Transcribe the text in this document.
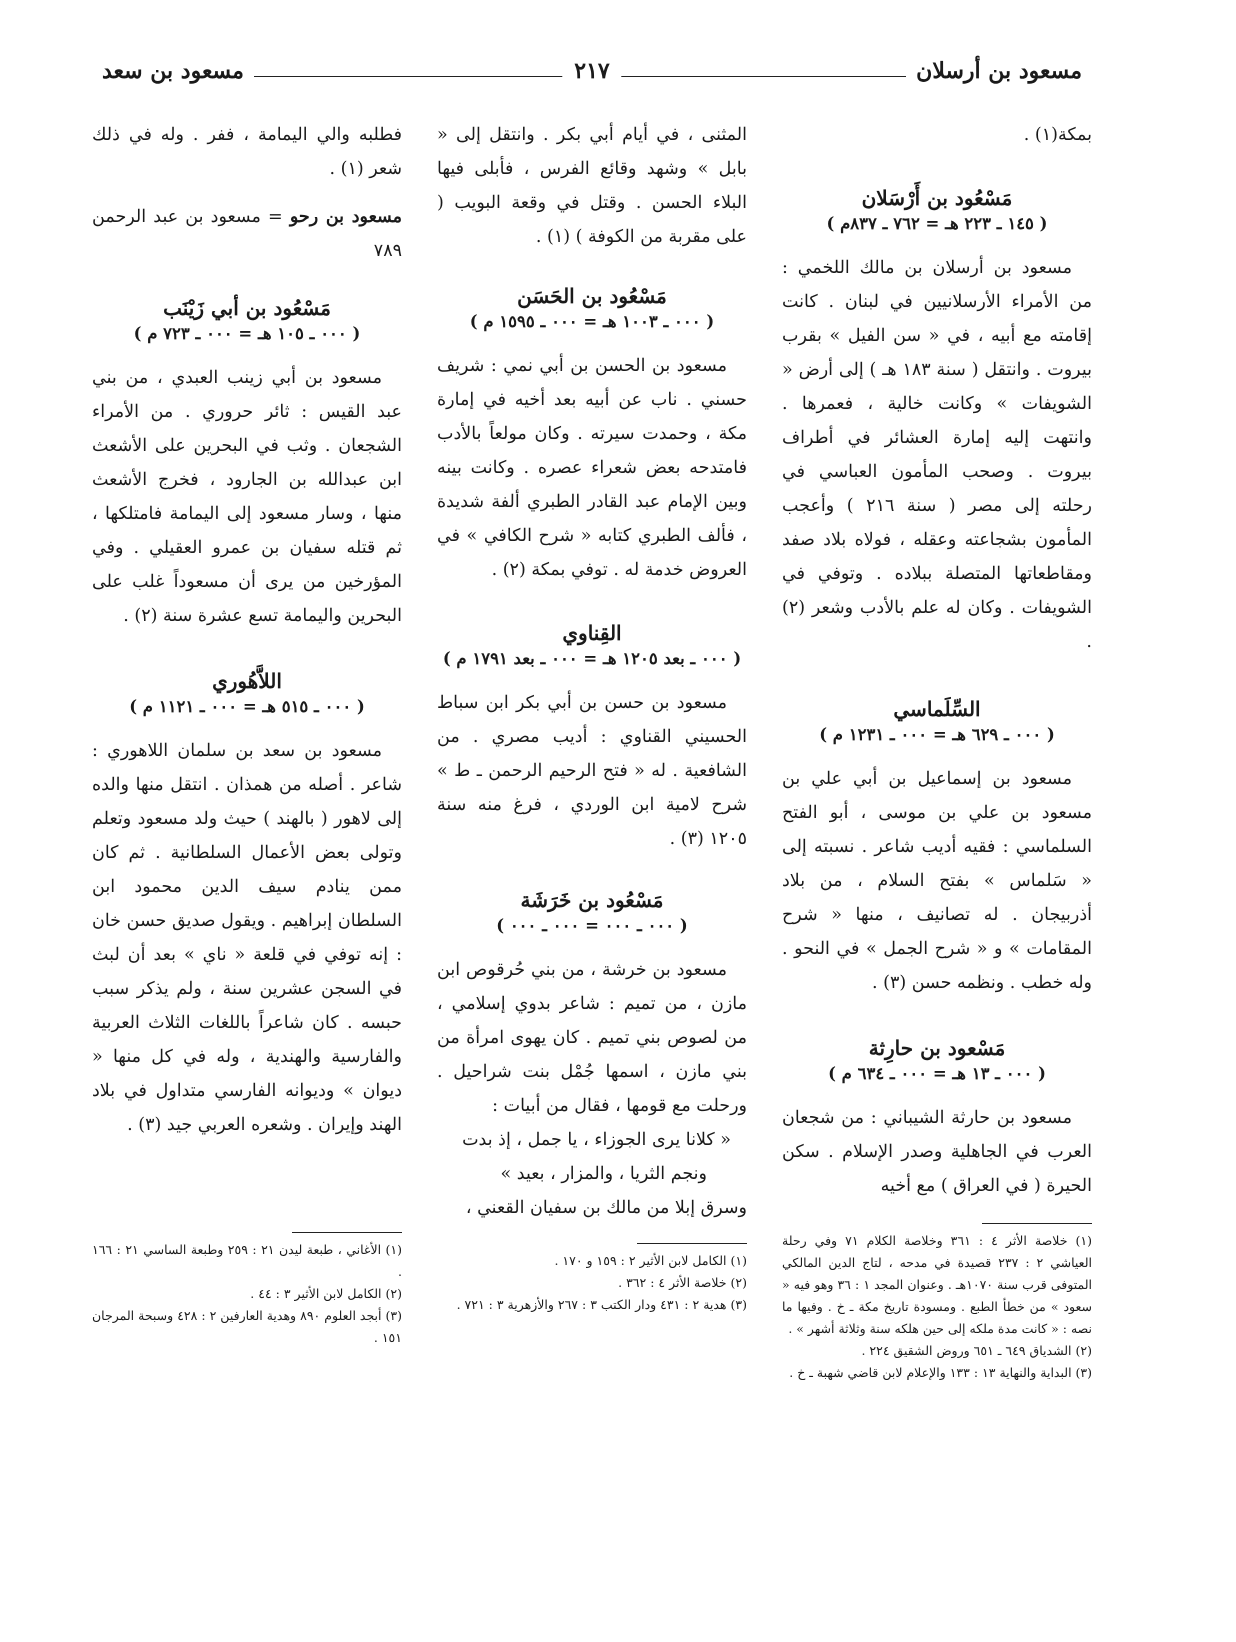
مسعود بن أرسلان
٢١٧
مسعود بن سعد

بمكة(١) .

مَسْعُود بن أَرْسَلان
( ١٤٥ ـ ٢٢٣ هـ = ٧٦٢ ـ ٨٣٧م )

مسعود بن أرسلان بن مالك اللخمي : من الأمراء الأرسلانيين في لبنان . كانت إقامته مع أبيه ، في « سن الفيل » بقرب بيروت . وانتقل ( سنة ١٨٣ هـ ) إلى أرض « الشويفات » وكانت خالية ، فعمرها . وانتهت إليه إمارة العشائر في أطراف بيروت . وصحب المأمون العباسي في رحلته إلى مصر ( سنة ٢١٦ ) وأعجب المأمون بشجاعته وعقله ، فولاه بلاد صفد ومقاطعاتها المتصلة ببلاده . وتوفي في الشويفات . وكان له علم بالأدب وشعر (٢) .

السِّلَماسي
( ٠٠٠ ـ ٦٢٩ هـ = ٠٠٠ ـ ١٢٣١ م )

مسعود بن إسماعيل بن أبي علي بن مسعود بن علي بن موسى ، أبو الفتح السلماسي : فقيه أديب شاعر . نسبته إلى « سَلماس » بفتح السلام ، من بلاد أذربيجان . له تصانيف ، منها « شرح المقامات » و « شرح الجمل » في النحو . وله خطب . ونظمه حسن (٣) .

مَسْعود بن حارِثة
( ٠٠٠ ـ ١٣ هـ = ٠٠٠ ـ ٦٣٤ م )

مسعود بن حارثة الشيباني : من شجعان العرب في الجاهلية وصدر الإسلام . سكن الحيرة ( في العراق ) مع أخيه

(١) خلاصة الأثر ٤ : ٣٦١ وخلاصة الكلام ٧١ وفي رحلة العياشي ٢ : ٢٣٧ قصيدة في مدحه ، لتاج الدين المالكي المتوفى قرب سنة ١٠٧٠هـ . وعنوان المجد ١ : ٣٦ وهو فيه « سعود » من خطأ الطبع . ومسودة تاريخ مكة ـ خ . وفيها ما نصه : « كانت مدة ملكه إلى حين هلكه سنة وثلاثة أشهر » .

(٢) الشدياق ٦٤٩ ـ ٦٥١ وروض الشقيق ٢٢٤ .

(٣) البداية والنهاية ١٣ : ١٣٣ والإعلام لابن قاضي شهبة ـ خ .

المثنى ، في أيام أبي بكر . وانتقل إلى « بابل » وشهد وقائع الفرس ، فأبلى فيها البلاء الحسن . وقتل في وقعة البويب ( على مقربة من الكوفة ) (١) .

مَسْعُود بن الحَسَن
( ٠٠٠ ـ ١٠٠٣ هـ = ٠٠٠ ـ ١٥٩٥ م )

مسعود بن الحسن بن أبي نمي : شريف حسني . ناب عن أبيه بعد أخيه في إمارة مكة ، وحمدت سيرته . وكان مولعاً بالأدب فامتدحه بعض شعراء عصره . وكانت بينه وبين الإمام عبد القادر الطبري ألفة شديدة ، فألف الطبري كتابه « شرح الكافي » في العروض خدمة له . توفي بمكة (٢) .

القِناوي
( ٠٠٠ ـ بعد ١٢٠٥ هـ = ٠٠٠ ـ بعد ١٧٩١ م )

مسعود بن حسن بن أبي بكر ابن سباط الحسيني القناوي : أديب مصري . من الشافعية . له « فتح الرحيم الرحمن ـ ط » شرح لامية ابن الوردي ، فرغ منه سنة ١٢٠٥ (٣) .

مَسْعُود بن خَرَشَة
( ٠٠٠ ـ ٠٠٠ = ٠٠٠ ـ ٠٠٠ )

مسعود بن خرشة ، من بني حُرقوص ابن مازن ، من تميم : شاعر بدوي إسلامي ، من لصوص بني تميم . كان يهوى امرأة من بني مازن ، اسمها جُمْل بنت شراحيل . ورحلت مع قومها ، فقال من أبيات :

« كلانا يرى الجوزاء ، يا جمل ، إذ بدت

ونجم الثريا ، والمزار ، بعيد »

وسرق إبلا من مالك بن سفيان القعني ،

(١) الكامل لابن الأثير ٢ : ١٥٩ و ١٧٠ .

(٢) خلاصة الأثر ٤ : ٣٦٢ .

(٣) هدية ٢ : ٤٣١ ودار الكتب ٣ : ٢٦٧ والأزهرية ٣ : ٧٢١ .

فطلبه والي اليمامة ، ففر . وله في ذلك شعر (١) .

مسعود بن رحو = مسعود بن عبد الرحمن ٧٨٩

مَسْعُود بن أبي زَيْنَب
( ٠٠٠ ـ ١٠٥ هـ = ٠٠٠ ـ ٧٢٣ م )

مسعود بن أبي زينب العبدي ، من بني عبد القيس : ثائر حروري . من الأمراء الشجعان . وثب في البحرين على الأشعث ابن عبدالله بن الجارود ، فخرج الأشعث منها ، وسار مسعود إلى اليمامة فامتلكها ، ثم قتله سفيان بن عمرو العقيلي . وفي المؤرخين من يرى أن مسعوداً غلب على البحرين واليمامة تسع عشرة سنة (٢) .

اللاَّهُوري
( ٠٠٠ ـ ٥١٥ هـ = ٠٠٠ ـ ١١٢١ م )

مسعود بن سعد بن سلمان اللاهوري : شاعر . أصله من همذان . انتقل منها والده إلى لاهور ( بالهند ) حيث ولد مسعود وتعلم وتولى بعض الأعمال السلطانية . ثم كان ممن ينادم سيف الدين محمود ابن السلطان إبراهيم . ويقول صديق حسن خان : إنه توفي في قلعة « ناي » بعد أن لبث في السجن عشرين سنة ، ولم يذكر سبب حبسه . كان شاعراً باللغات الثلاث العربية والفارسية والهندية ، وله في كل منها « ديوان » وديوانه الفارسي متداول في بلاد الهند وإيران . وشعره العربي جيد (٣) .

(١) الأغاني ، طبعة ليدن ٢١ : ٢٥٩ وطبعة الساسي ٢١ : ١٦٦ .

(٢) الكامل لابن الأثير ٣ : ٤٤ .

(٣) أبجد العلوم ٨٩٠ وهدية العارفين ٢ : ٤٢٨ وسبحة المرجان ١٥١ .
